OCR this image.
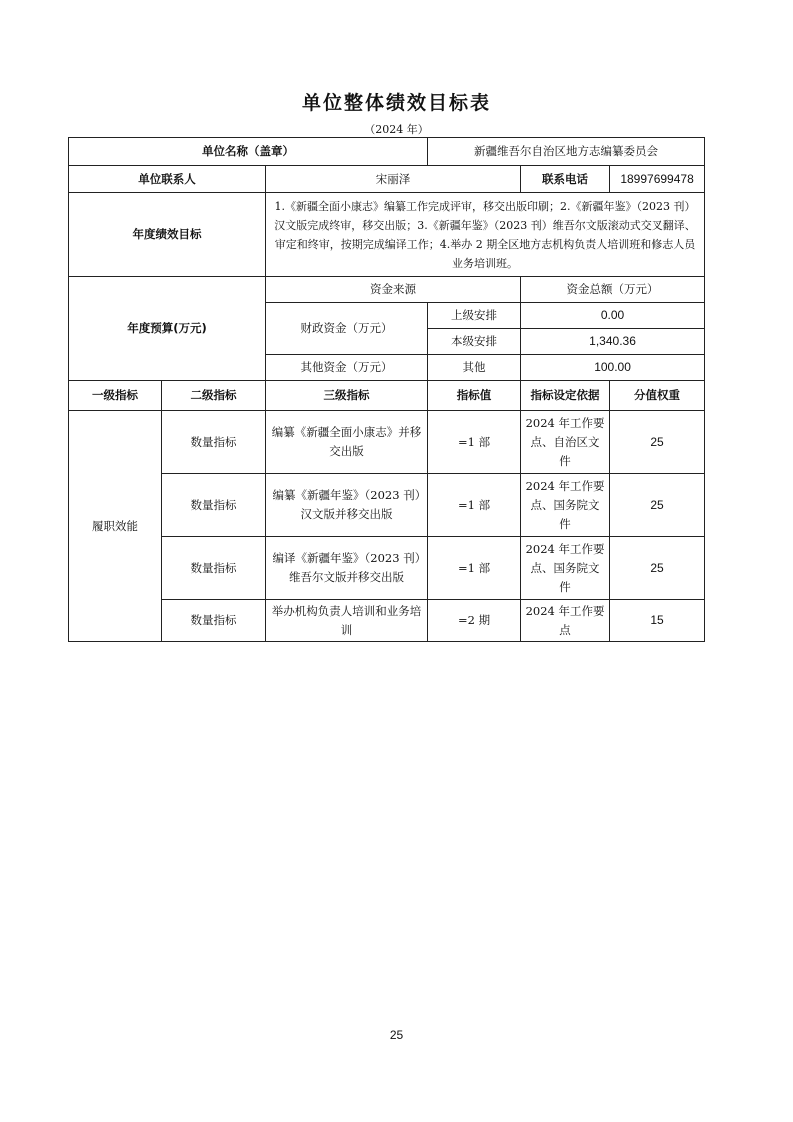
单位整体绩效目标表
（2024 年）
单位名称（盖章）			新疆维吾尔自治区地方志编纂委员会		
单位联系人		宋丽泽		联系电话	18997699478
年度绩效目标		1.《新疆全面小康志》编纂工作完成评审，移交出版印刷；2.《新疆年鉴》（2023 刊）汉文版完成终审，移交出版；3.《新疆年鉴》（2023 刊）维吾尔文版滚动式交叉翻译、审定和终审，按期完成编译工作；4.举办 2 期全区地方志机构负责人培训班和修志人员业务培训班。			
年度预算(万元)		资金来源		资金总额（万元）	
		财政资金（万元）	上级安排	0.00	
			本级安排	1,340.36	
		其他资金（万元）	其他	100.00	
一级指标	二级指标	三级指标	指标值	指标设定依据	分值权重
履职效能	数量指标	编纂《新疆全面小康志》并移交出版	=1 部	2024 年工作要点、自治区文件	25
	数量指标	编纂《新疆年鉴》（2023 刊）汉文版并移交出版	=1 部	2024 年工作要点、国务院文件	25
	数量指标	编译《新疆年鉴》（2023 刊）维吾尔文版并移交出版	=1 部	2024 年工作要点、国务院文件	25
	数量指标	举办机构负责人培训和业务培训	=2 期	2024 年工作要点	15
25
